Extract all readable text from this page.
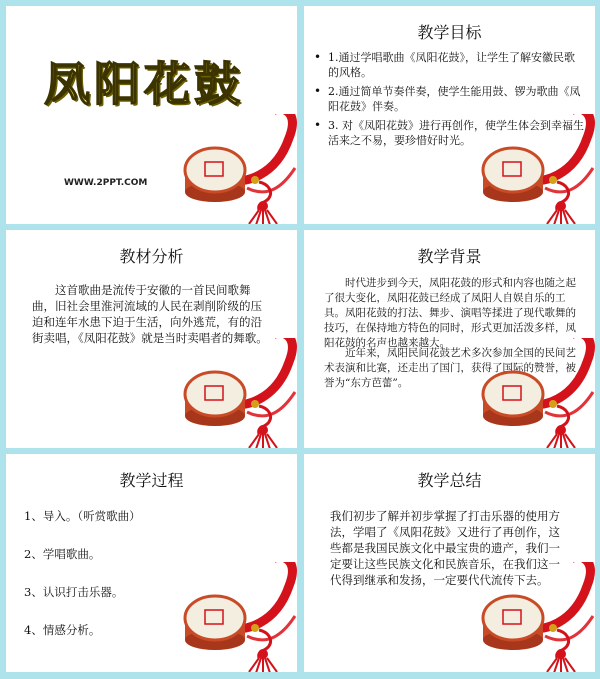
凤阳花鼓
WWW.2PPT.COM
教学目标
• 1.通过学唱歌曲《凤阳花鼓》，让学生了解安徽民歌的风格。
• 2.通过简单节奏伴奏，使学生能用鼓、锣为歌曲《凤阳花鼓》伴奏。
• 3. 对《凤阳花鼓》进行再创作，使学生体会到幸福生活来之不易，要珍惜好时光。
教材分析

这首歌曲是流传于安徽的一首民间歌舞曲，旧社会里淮河流域的人民在剥削阶级的压迫和连年水患下迫于生活，向外逃荒，有的沿街卖唱，《凤阳花鼓》就是当时卖唱者的舞歌。

教学背景

时代进步到今天，凤阳花鼓的形式和内容也随之起了很大变化，凤阳花鼓已经成了凤阳人自娱自乐的工具。凤阳花鼓的打法、舞步、演唱等揉进了现代歌舞的技巧，在保持地方特色的同时，形式更加活泼多样，凤阳花鼓的名声也越来越大。

近年来，凤阳民间花鼓艺术多次参加全国的民间艺术表演和比赛，还走出了国门，获得了国际的赞誉，被誉为“东方芭蕾”。

教学过程
1、导入。（听赏歌曲）
2、学唱歌曲。
3、认识打击乐器。
4、情感分析。
教学总结

我们初步了解并初步掌握了打击乐器的使用方法，学唱了《凤阳花鼓》又进行了再创作，这些都是我国民族文化中最宝贵的遗产，我们一定要让这些民族文化和民族音乐，在我们这一代得到继承和发扬，一定要代代流传下去。
